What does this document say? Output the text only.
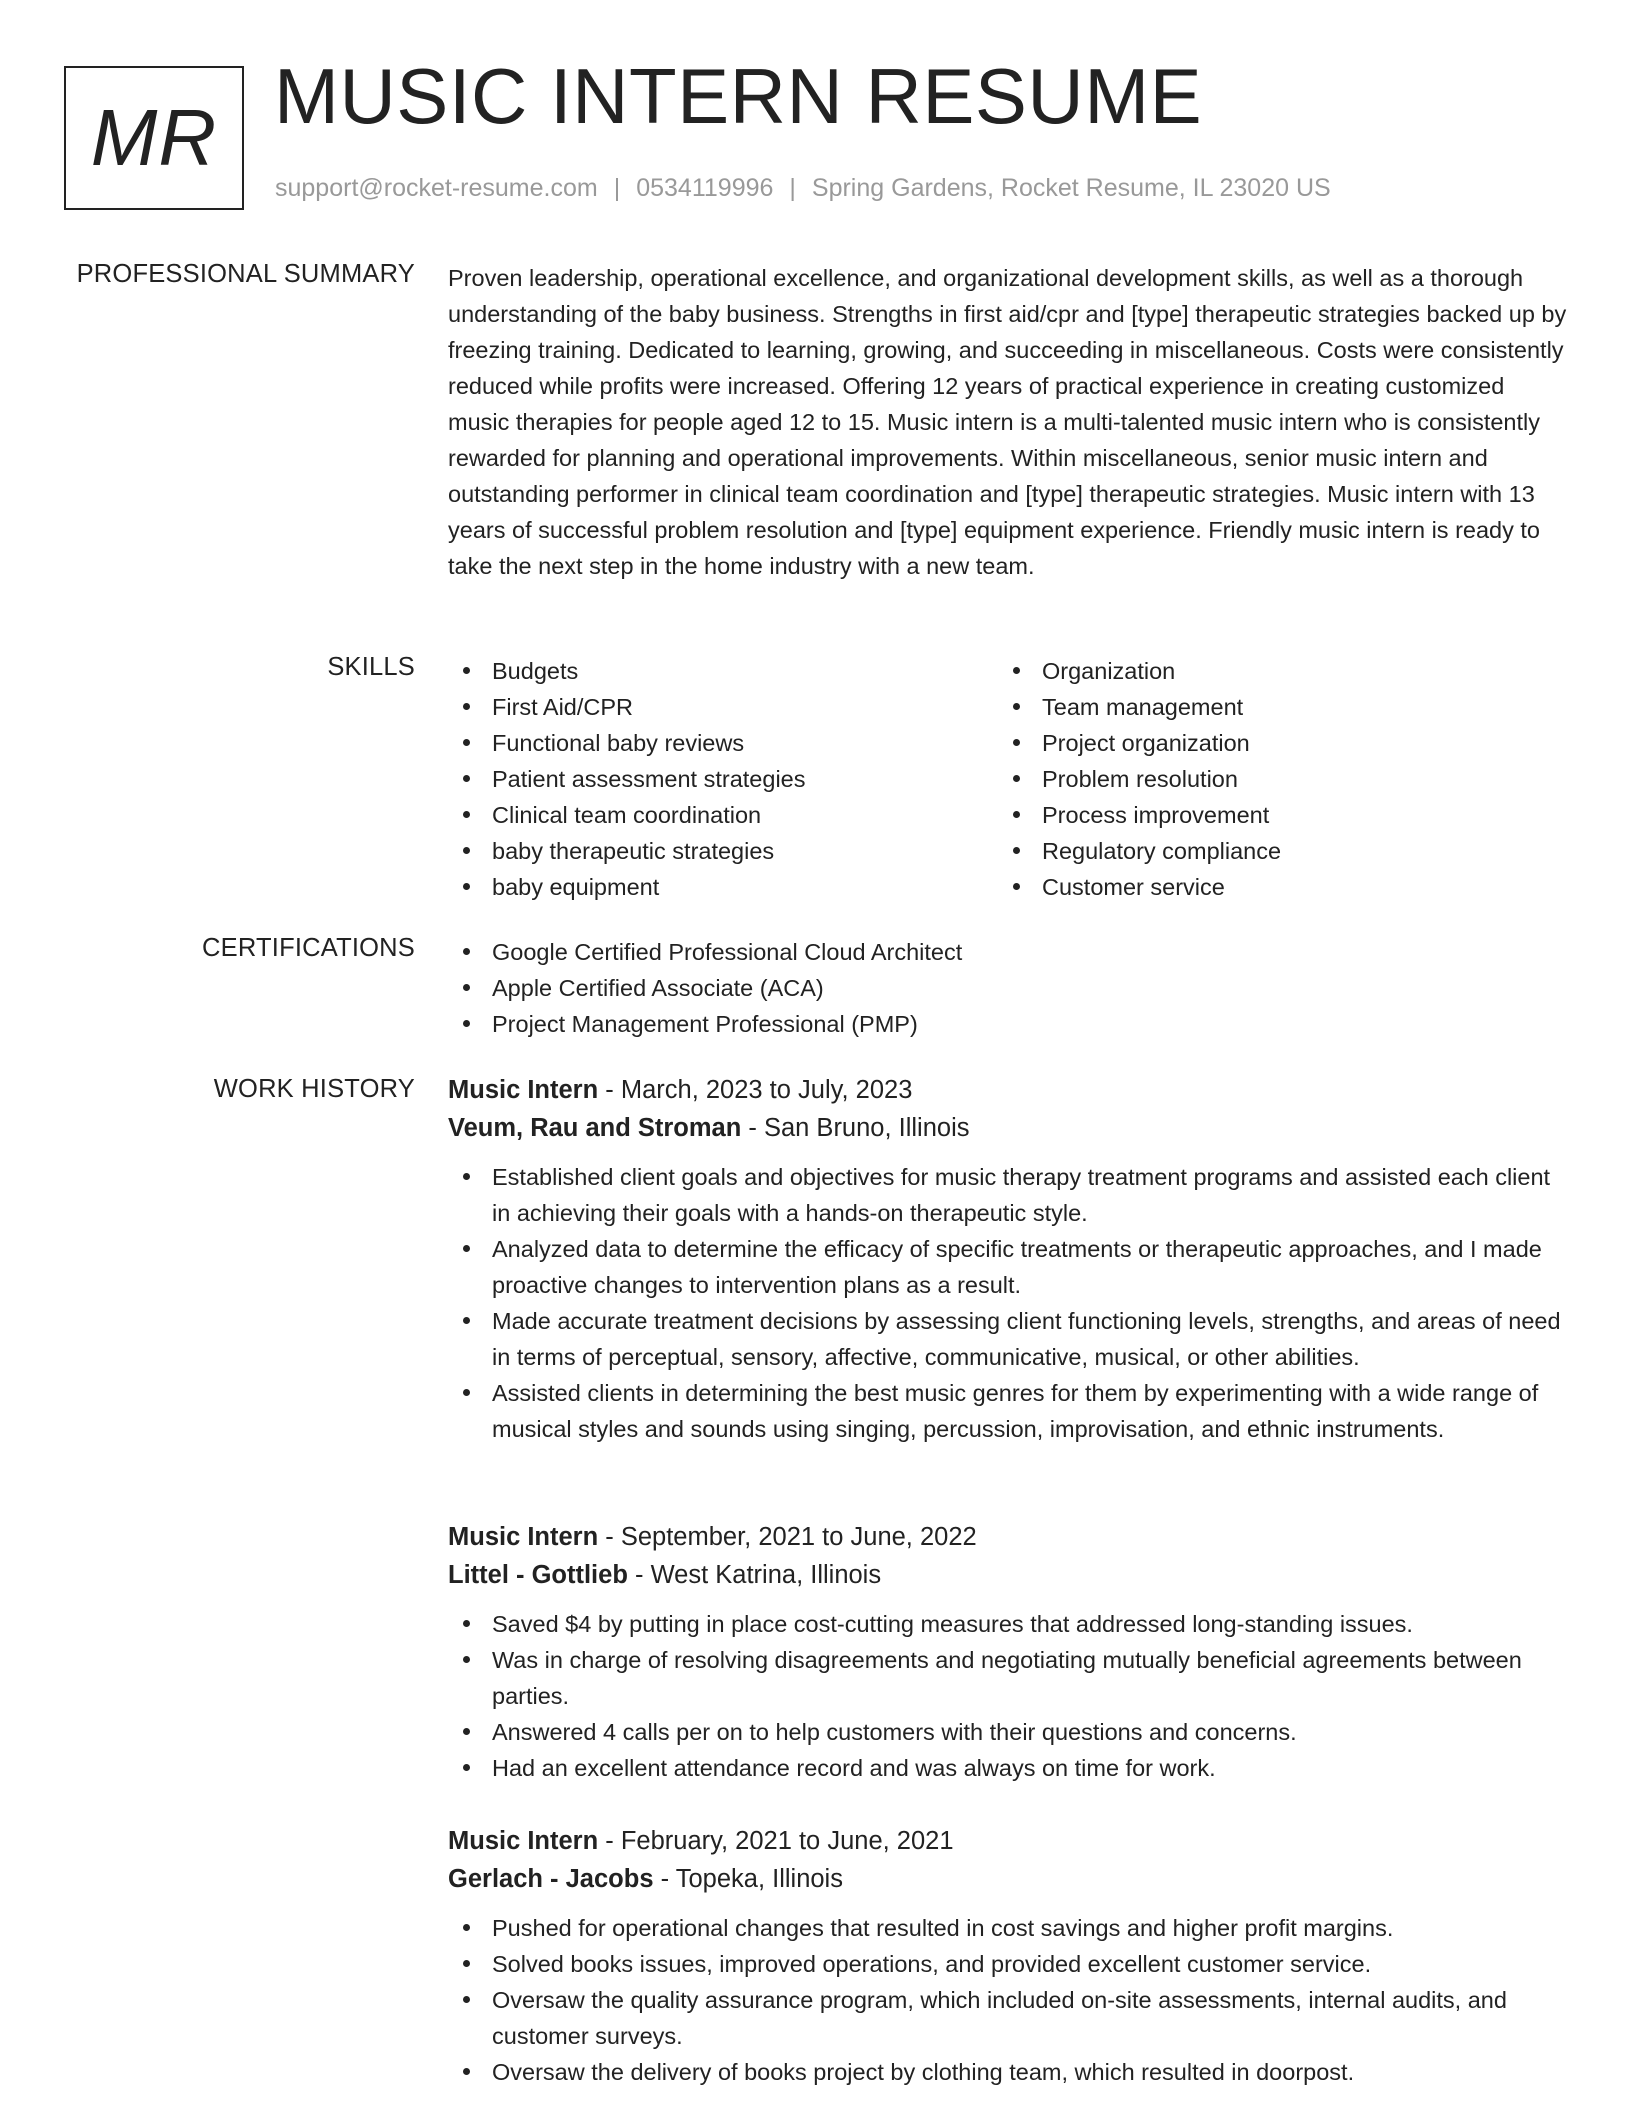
MR MUSIC INTERN RESUME
support@rocket-resume.com | 0534119996 | Spring Gardens, Rocket Resume, IL 23020 US
PROFESSIONAL SUMMARY Proven leadership, operational excellence, and organizational development skills, as well as a thorough understanding of the baby business. Strengths in first aid/cpr and [type] therapeutic strategies backed up by freezing training. Dedicated to learning, growing, and succeeding in miscellaneous. Costs were consistently reduced while profits were increased. Offering 12 years of practical experience in creating customized music therapies for people aged 12 to 15. Music intern is a multi-talented music intern who is consistently rewarded for planning and operational improvements. Within miscellaneous, senior music intern and outstanding performer in clinical team coordination and [type] therapeutic strategies. Music intern with 13 years of successful problem resolution and [type] equipment experience. Friendly music intern is ready to take the next step in the home industry with a new team.
SKILLS	Budgets
First Aid/CPR
Functional baby reviews
Patient assessment strategies
Clinical team coordination
baby therapeutic strategies
baby equipment
Organization
Team management
Project organization
Problem resolution
Process improvement
Regulatory compliance
Customer service
CERTIFICATIONS	Google Certified Professional Cloud Architect
Apple Certified Associate (ACA)
Project Management Professional (PMP)
WORK HISTORY Music Intern - March, 2023 to July, 2023
Veum, Rau and Stroman - San Bruno, Illinois
Established client goals and objectives for music therapy treatment programs and assisted each client in achieving their goals with a hands-on therapeutic style.
Analyzed data to determine the efficacy of specific treatments or therapeutic approaches, and I made proactive changes to intervention plans as a result.
Made accurate treatment decisions by assessing client functioning levels, strengths, and areas of need in terms of perceptual, sensory, affective, communicative, musical, or other abilities.
Assisted clients in determining the best music genres for them by experimenting with a wide range of musical styles and sounds using singing, percussion, improvisation, and ethnic instruments.
Music Intern - September, 2021 to June, 2022
Littel - Gottlieb - West Katrina, Illinois
Saved $4 by putting in place cost-cutting measures that addressed long-standing issues.
Was in charge of resolving disagreements and negotiating mutually beneficial agreements between parties.
Answered 4 calls per on to help customers with their questions and concerns.
Had an excellent attendance record and was always on time for work.
Music Intern - February, 2021 to June, 2021
Gerlach - Jacobs - Topeka, Illinois
Pushed for operational changes that resulted in cost savings and higher profit margins.
Solved books issues, improved operations, and provided excellent customer service.
Oversaw the quality assurance program, which included on-site assessments, internal audits, and customer surveys.
Oversaw the delivery of books project by clothing team, which resulted in doorpost.
